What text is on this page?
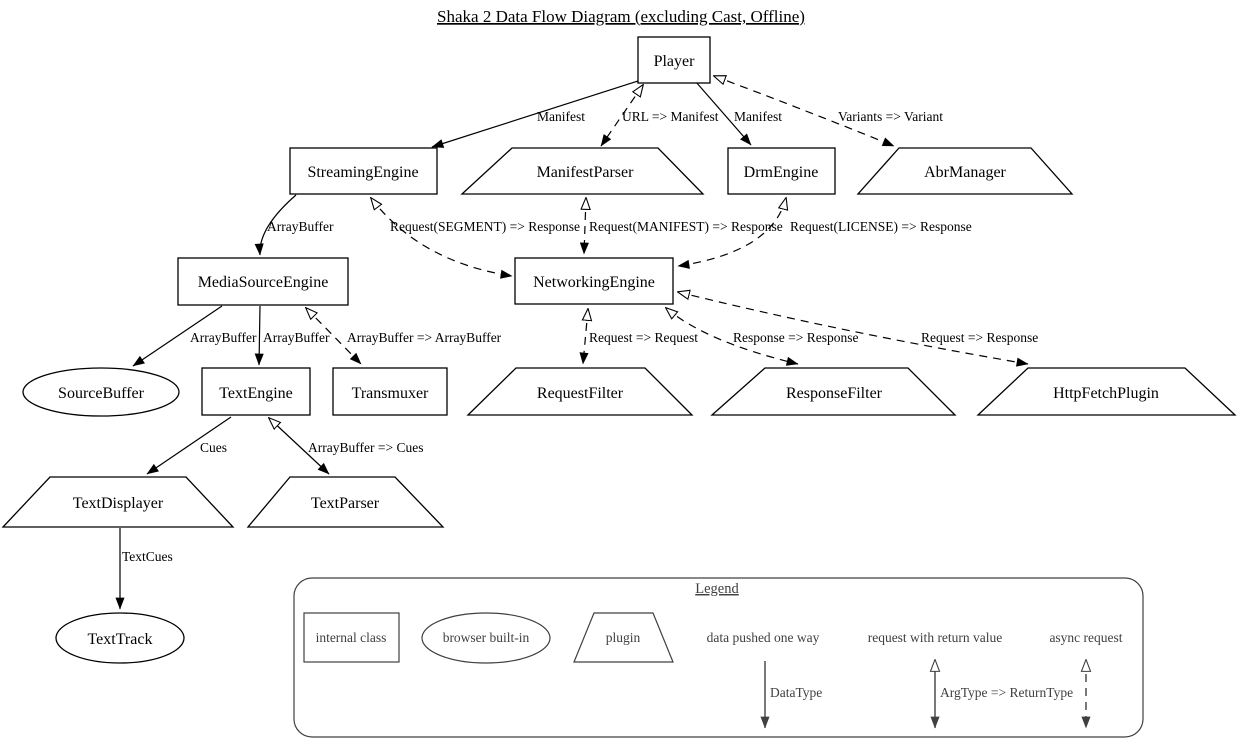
Shaka 2 Data Flow Diagram (excluding Cast, Offline)
Manifest	URL => Manifest Manifest	Variants => Variant
ArrayBuffer	Request(SEGMENT) => Response Request(MANIFEST) => Response Request(LICENSE) => Response
ArrayBuffer ArrayBuffer ArrayBuffer => ArrayBuffer	Request => Request	Response => Response	Request => Response
Cues	ArrayBuffer => Cues
TextCues
Player
StreamingEngine	ManifestParser	DrmEngine	AbrManager
MediaSourceEngine	NetworkingEngine
SourceBuffer	TextEngine	Transmuxer	RequestFilter	ResponseFilter	HttpFetchPlugin
TextDisplayer	TextParser
TextTrack
Legend
internal class	browser built-in	plugin	data pushed one way
DataType
request with return value
ArgType => ReturnType
async request
